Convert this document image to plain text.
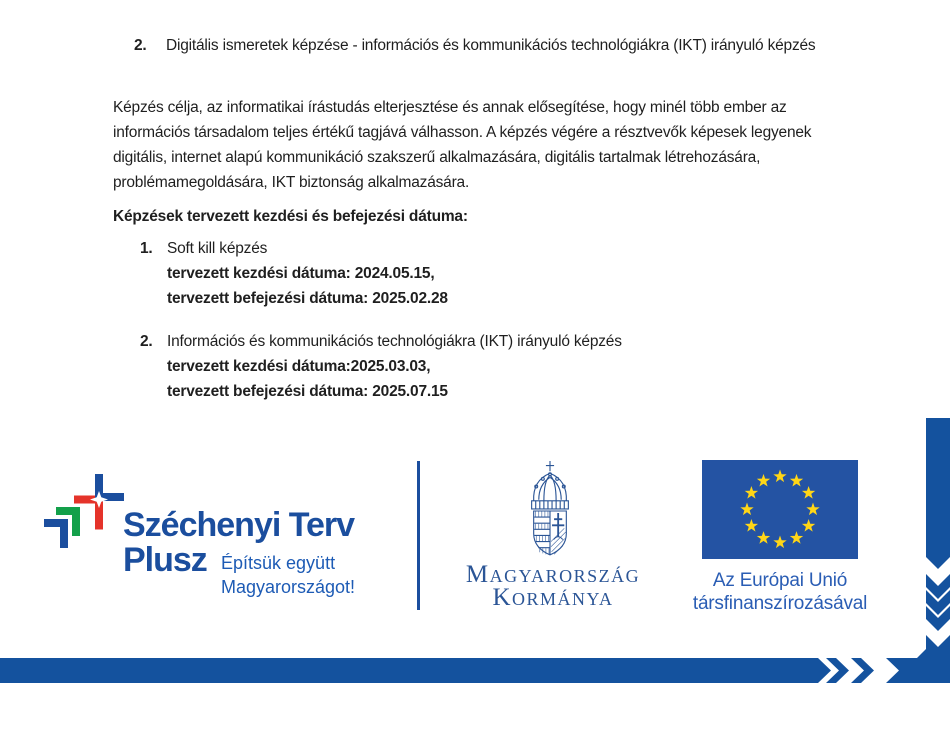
2. Digitális ismeretek képzése - információs és kommunikációs technológiákra (IKT) irányuló képzés
Képzés célja, az informatikai írástudás elterjesztése és annak elősegítése, hogy minél több ember az információs társadalom teljes értékű tagjává válhasson. A képzés végére a résztvevők képesek legyenek digitális, internet alapú kommunikáció szakszerű alkalmazására, digitális tartalmak létrehozására, problémamegoldására, IKT biztonság alkalmazására.
Képzések tervezett kezdési és befejezési dátuma:
1. Soft kill képzés
tervezett kezdési dátuma: 2024.05.15,
tervezett befejezési dátuma: 2025.02.28
2. Információs és kommunikációs technológiákra (IKT) irányuló képzés
tervezett kezdési dátuma:2025.03.03,
tervezett befejezési dátuma: 2025.07.15
Széchenyi Terv
Plusz Építsük együtt
Magyarországot!	Magyarország
Kormánya
Az Európai Unió
társfinanszírozásával
